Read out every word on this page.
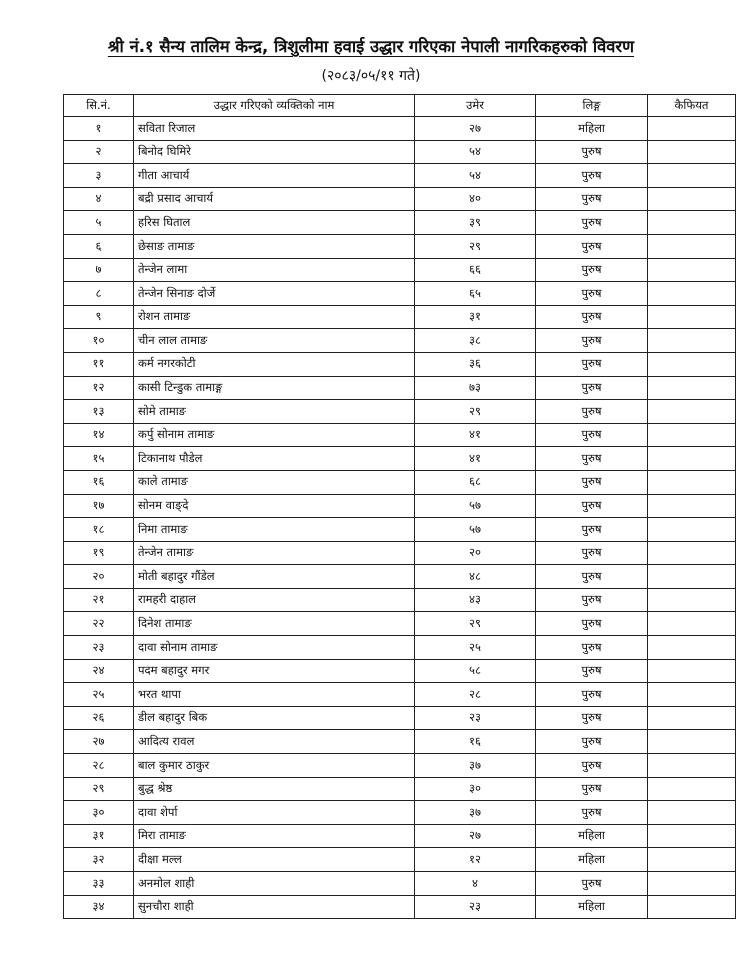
श्री नं.१ सैन्य तालिम केन्द्र, त्रिशुलीमा हवाई उद्धार गरिएका नेपाली नागरिकहरुको विवरण
(२०८३/०५/११ गते)
सि.नं.	उद्धार गरिएको व्यक्तिको नाम	उमेर	लिङ्ग	कैफियत
१	सविता रिजाल	२७	महिला	
२	बिनोद घिमिरे	५४	पुरुष	
३	गीता आचार्य	५४	पुरुष	
४	बद्री प्रसाद आचार्य	४०	पुरुष	
५	हरिस घिताल	३९	पुरुष	
६	छेसाङ तामाङ	२९	पुरुष	
७	तेन्जेन लामा	६६	पुरुष	
८	तेन्जेन सिनाङ दोर्जे	६५	पुरुष	
९	रोशन तामाङ	३१	पुरुष	
१०	चीन लाल तामाङ	३८	पुरुष	
११	कर्म नगरकोटी	३६	पुरुष	
१२	कासी टिन्डुक तामाङ्ग	७३	पुरुष	
१३	सोमे तामाङ	२९	पुरुष	
१४	कर्पु सोनाम तामाङ	४१	पुरुष	
१५	टिकानाथ पौडेल	४१	पुरुष	
१६	काले तामाङ	६८	पुरुष	
१७	सोनम वाङ्दे	५७	पुरुष	
१८	निमा तामाङ	५७	पुरुष	
१९	तेन्जेन तामाङ	२०	पुरुष	
२०	मोती बहादुर गौंडेल	४८	पुरुष	
२१	रामहरी दाहाल	४३	पुरुष	
२२	दिनेश तामाङ	२९	पुरुष	
२३	दावा सोनाम तामाङ	२५	पुरुष	
२४	पदम बहादुर मगर	५८	पुरुष	
२५	भरत थापा	२८	पुरुष	
२६	डील बहादुर बिक	२३	पुरुष	
२७	आदित्य रावल	१६	पुरुष	
२८	बाल कुमार ठाकुर	३७	पुरुष	
२९	बुद्ध श्रेष्ठ	३०	पुरुष	
३०	दावा शेर्पा	३७	पुरुष	
३१	मिरा तामाङ	२७	महिला	
३२	दीक्षा मल्ल	१२	महिला	
३३	अनमोल शाही	४	पुरुष	
३४	सुनचौरा शाही	२३	महिला	
